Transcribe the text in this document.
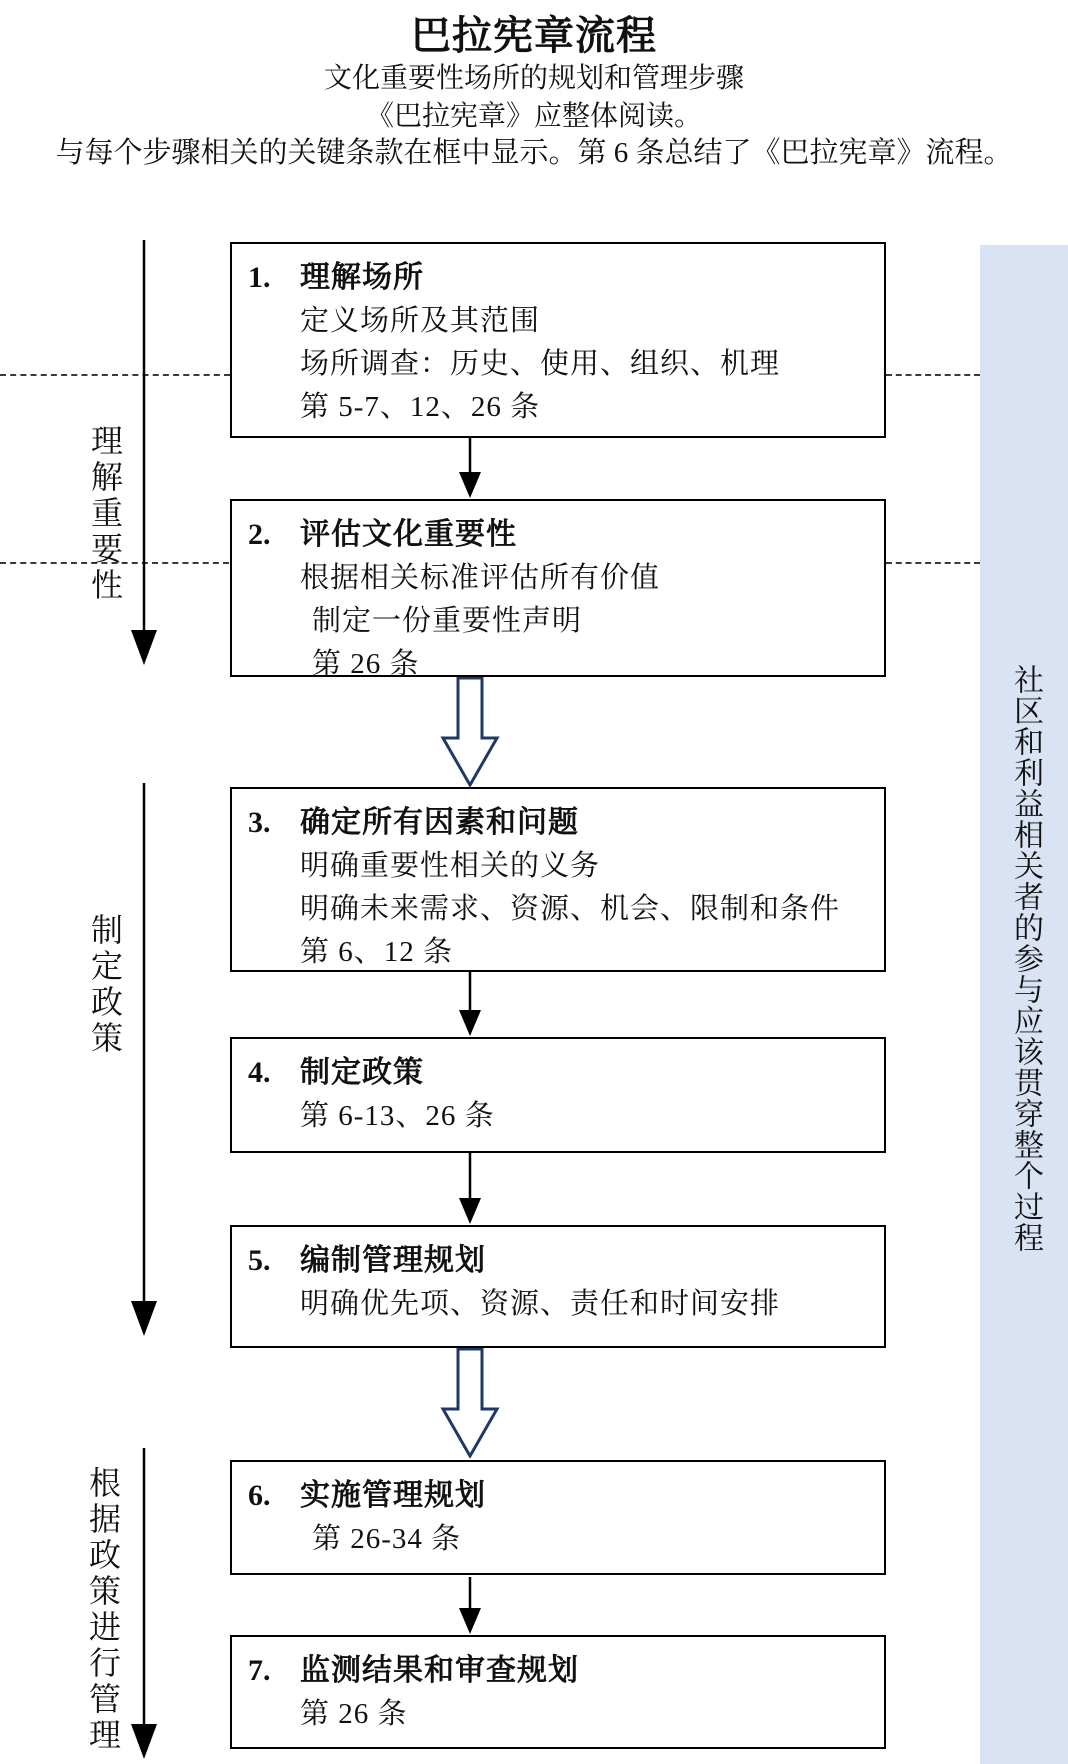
巴拉宪章流程
文化重要性场所的规划和管理步骤
《巴拉宪章》应整体阅读。
与每个步骤相关的关键条款在框中显示。第 6 条总结了《巴拉宪章》流程。
社区和利益相关者的参与应该贯穿整个过程
理解重要性
制定政策
根据政策进行管理
1. 理解场所
定义场所及其范围
场所调查：历史、使用、组织、机理
第 5-7、12、26 条
2. 评估文化重要性
根据相关标准评估所有价值
制定一份重要性声明
第 26 条
3. 确定所有因素和问题
明确重要性相关的义务
明确未来需求、资源、机会、限制和条件
第 6、12 条
4. 制定政策
第 6-13、26 条
5. 编制管理规划
明确优先项、资源、责任和时间安排
6. 实施管理规划
第 26-34 条
7. 监测结果和审查规划
第 26 条
